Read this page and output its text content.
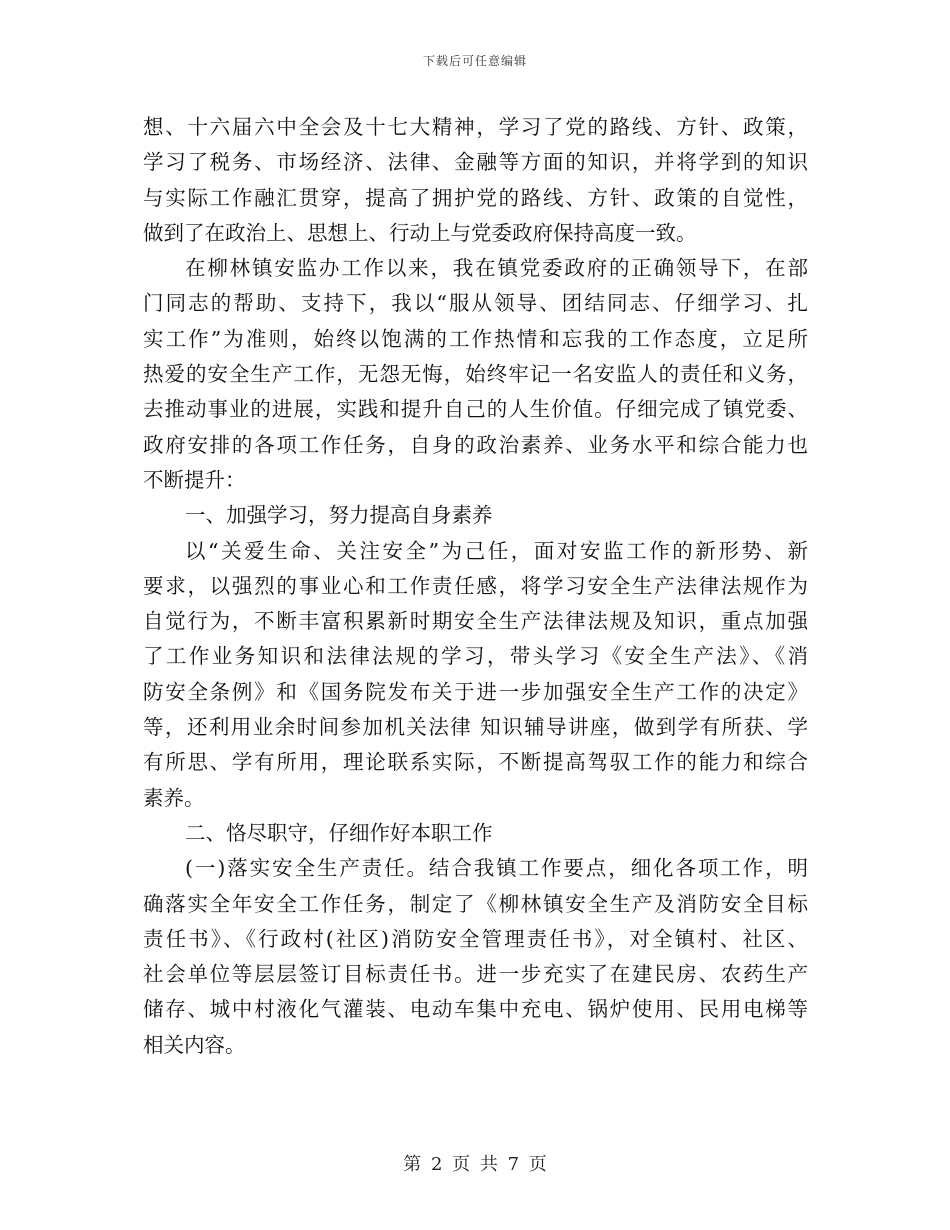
下载后可任意编辑
想、十六届六中全会及十七大精神，学习了党的路线、方针、政策，
学习了税务、市场经济、法律、金融等方面的知识，并将学到的知识
与实际工作融汇贯穿，提高了拥护党的路线、方针、政策的自觉性，
做到了在政治上、思想上、行动上与党委政府保持高度一致。
在柳林镇安监办工作以来，我在镇党委政府的正确领导下，在部
门同志的帮助、支持下，我以“服从领导、团结同志、仔细学习、扎
实工作”为准则，始终以饱满的工作热情和忘我的工作态度，立足所
热爱的安全生产工作，无怨无悔，始终牢记一名安监人的责任和义务，
去推动事业的进展，实践和提升自己的人生价值。仔细完成了镇党委、
政府安排的各项工作任务，自身的政治素养、业务水平和综合能力也
不断提升：
一、加强学习，努力提高自身素养
以“关爱生命、关注安全”为己任，面对安监工作的新形势、新
要求，以强烈的事业心和工作责任感，将学习安全生产法律法规作为
自觉行为，不断丰富积累新时期安全生产法律法规及知识，重点加强
了工作业务知识和法律法规的学习，带头学习《安全生产法》、《消
防安全条例》和《国务院发布关于进一步加强安全生产工作的决定》
等，还利用业余时间参加机关法律 知识辅导讲座，做到学有所获、学
有所思、学有所用，理论联系实际，不断提高驾驭工作的能力和综合
素养。
二、恪尽职守，仔细作好本职工作
(一)落实安全生产责任。结合我镇工作要点，细化各项工作，明
确落实全年安全工作任务，制定了《柳林镇安全生产及消防安全目标
责任书》、《行政村(社区)消防安全管理责任书》，对全镇村、社区、
社会单位等层层签订目标责任书。进一步充实了在建民房、农药生产
储存、城中村液化气灌装、电动车集中充电、锅炉使用、民用电梯等
相关内容。
第 2 页 共 7 页
